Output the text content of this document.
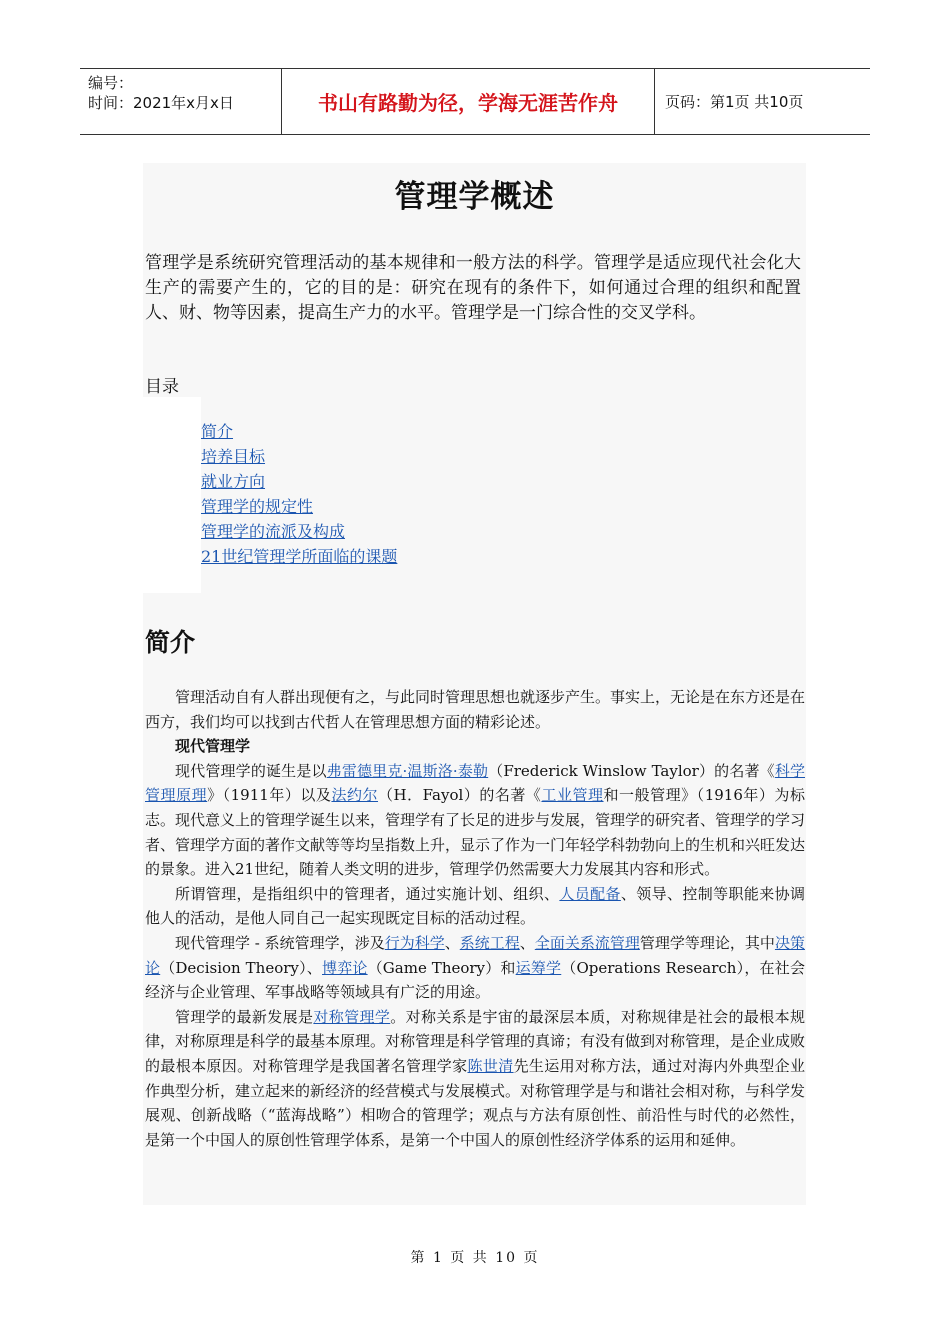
编号：
时间：2021年x月x日	书山有路勤为径，学海无涯苦作舟	页码：第1页 共10页
管理学概述
管理学是系统研究管理活动的基本规律和一般方法的科学。管理学是适应现代社会化大生产的需要产生的，它的目的是：研究在现有的条件下，如何通过合理的组织和配置人、财、物等因素，提高生产力的水平。管理学是一门综合性的交叉学科。
目录
简介
培养目标
就业方向
管理学的规定性
管理学的流派及构成
21世纪管理学所面临的课题
简介

管理活动自有人群出现便有之，与此同时管理思想也就逐步产生。事实上，无论是在东方还是在西方，我们均可以找到古代哲人在管理思想方面的精彩论述。

现代管理学

现代管理学的诞生是以弗雷德里克·温斯洛·泰勒（Frederick Winslow Taylor）的名著《科学管理原理》（1911年）以及法约尔（H．Fayol）的名著《工业管理和一般管理》（1916年）为标志。现代意义上的管理学诞生以来，管理学有了长足的进步与发展，管理学的研究者、管理学的学习者、管理学方面的著作文献等等均呈指数上升，显示了作为一门年轻学科勃勃向上的生机和兴旺发达的景象。进入21世纪，随着人类文明的进步，管理学仍然需要大力发展其内容和形式。

所谓管理，是指组织中的管理者，通过实施计划、组织、人员配备、领导、控制等职能来协调他人的活动，是他人同自己一起实现既定目标的活动过程。

现代管理学 - 系统管理学，涉及行为科学、系统工程、全面关系流管理管理学等理论，其中决策论（Decision Theory）、博弈论（Game Theory）和运筹学（Operations Research），在社会经济与企业管理、军事战略等领域具有广泛的用途。

管理学的最新发展是对称管理学。对称关系是宇宙的最深层本质，对称规律是社会的最根本规律，对称原理是科学的最基本原理。对称管理是科学管理的真谛；有没有做到对称管理，是企业成败的最根本原因。对称管理学是我国著名管理学家陈世清先生运用对称方法，通过对海内外典型企业作典型分析，建立起来的新经济的经营模式与发展模式。对称管理学是与和谐社会相对称，与科学发展观、创新战略（“蓝海战略”）相吻合的管理学；观点与方法有原创性、前沿性与时代的必然性，是第一个中国人的原创性管理学体系，是第一个中国人的原创性经济学体系的运用和延伸。

第 1 页 共 10 页
